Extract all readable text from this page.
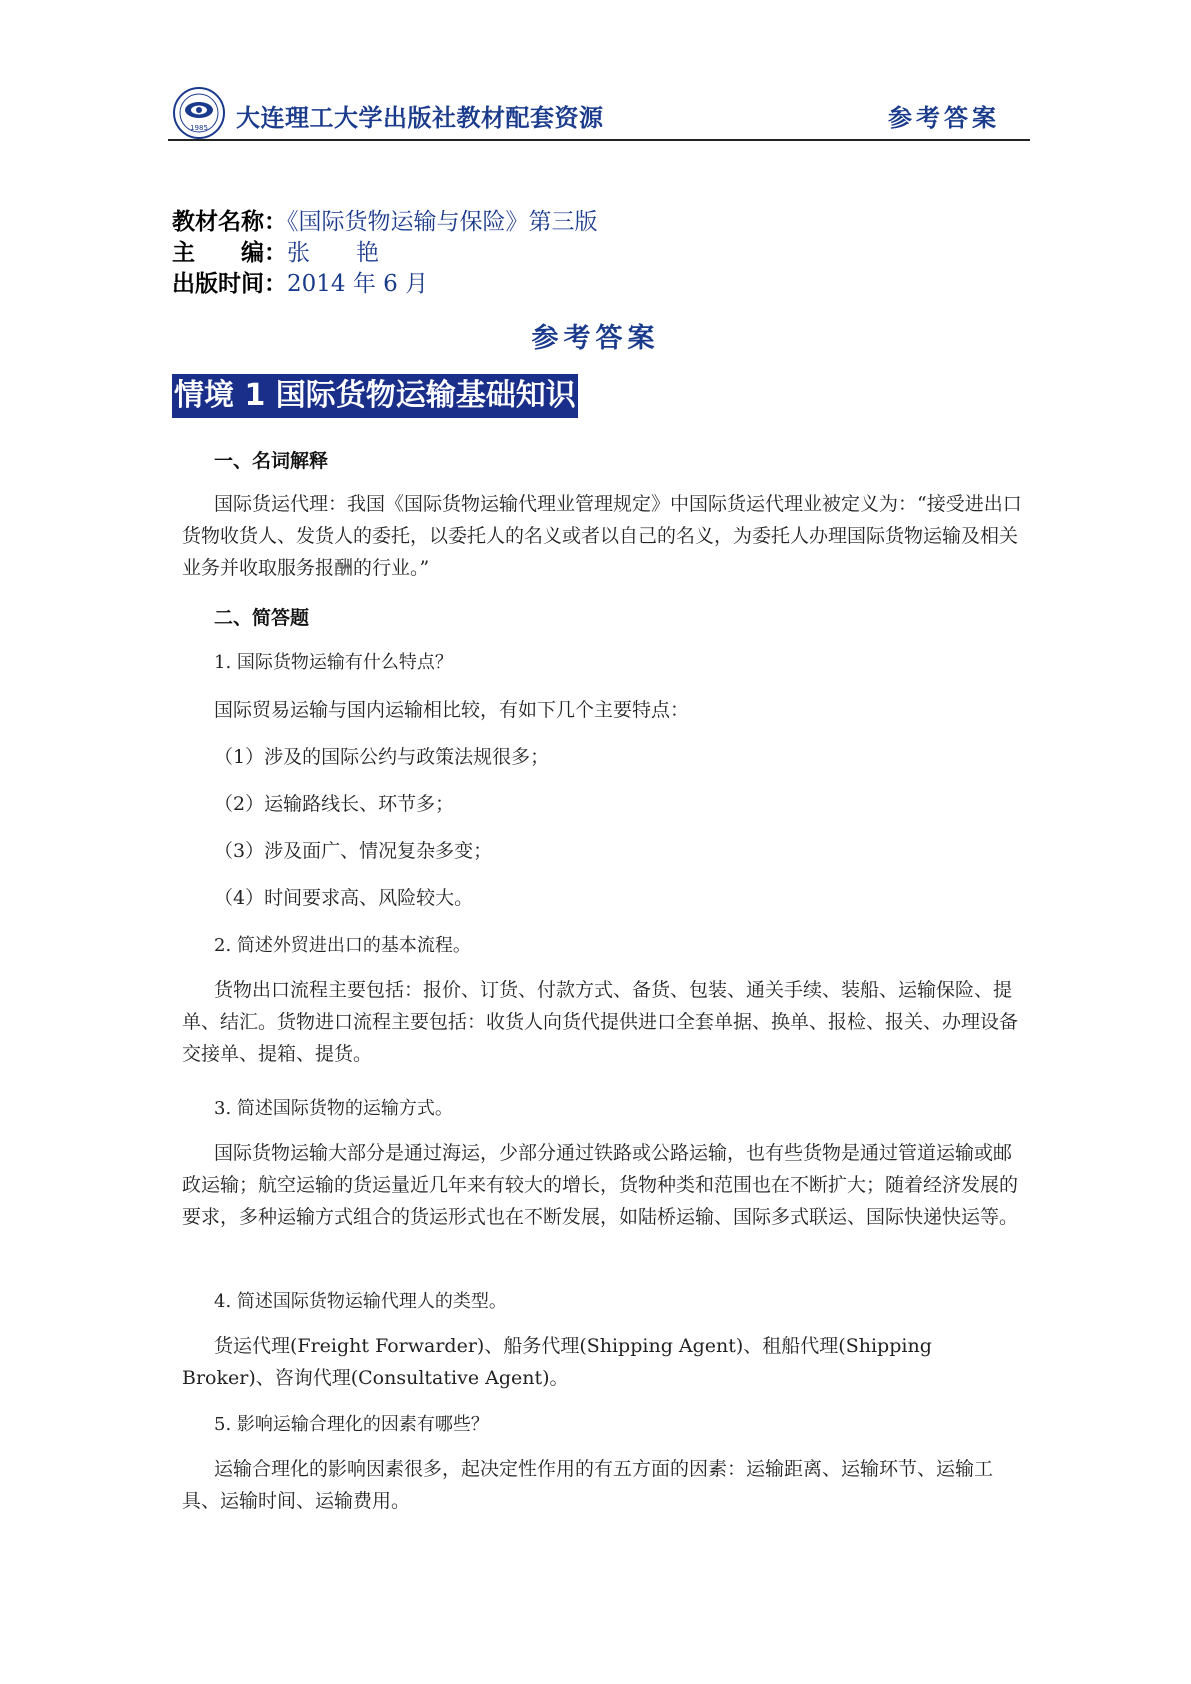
1985 大连理工大学出版社教材配套资源	参考答案
教材名称：《国际货物运输与保险》第三版
主　　编：张　　艳
出版时间：2014 年 6 月
参考答案
情境 1 国际货物运输基础知识
一、名词解释
国际货运代理：我国《国际货物运输代理业管理规定》中国际货运代理业被定义为：“接受进出口货物收货人、发货人的委托，以委托人的名义或者以自己的名义，为委托人办理国际货物运输及相关业务并收取服务报酬的行业。”
二、简答题
1. 国际货物运输有什么特点？
国际贸易运输与国内运输相比较，有如下几个主要特点：
（1）涉及的国际公约与政策法规很多；
（2）运输路线长、环节多；
（3）涉及面广、情况复杂多变；
（4）时间要求高、风险较大。
2. 简述外贸进出口的基本流程。
货物出口流程主要包括：报价、订货、付款方式、备货、包装、通关手续、装船、运输保险、提单、结汇。货物进口流程主要包括：收货人向货代提供进口全套单据、换单、报检、报关、办理设备交接单、提箱、提货。
3. 简述国际货物的运输方式。
国际货物运输大部分是通过海运，少部分通过铁路或公路运输，也有些货物是通过管道运输或邮政运输；航空运输的货运量近几年来有较大的增长，货物种类和范围也在不断扩大；随着经济发展的要求，多种运输方式组合的货运形式也在不断发展，如陆桥运输、国际多式联运、国际快递快运等。
4. 简述国际货物运输代理人的类型。
货运代理(Freight Forwarder)、船务代理(Shipping Agent)、租船代理(Shipping Broker)、咨询代理(Consultative Agent)。
5. 影响运输合理化的因素有哪些？
运输合理化的影响因素很多，起决定性作用的有五方面的因素：运输距离、运输环节、运输工具、运输时间、运输费用。
